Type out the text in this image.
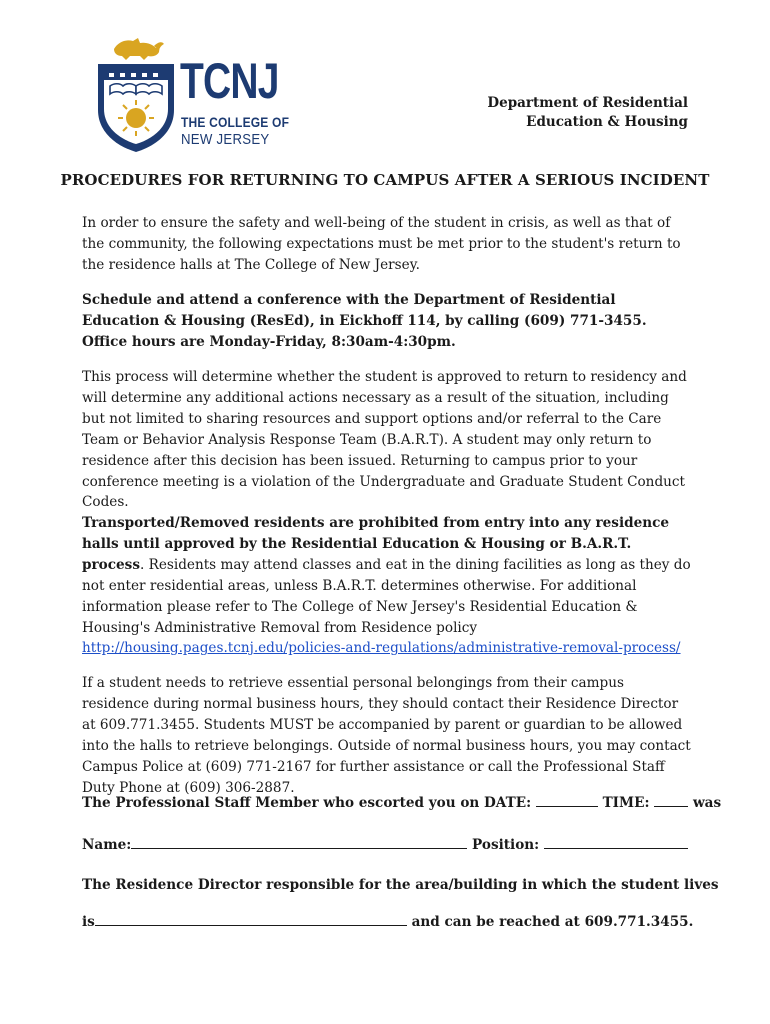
TCNJ
THE COLLEGE OF
NEW JERSEY
Department of Residential
Education & Housing
PROCEDURES FOR RETURNING TO CAMPUS AFTER A SERIOUS INCIDENT
In order to ensure the safety and well-being of the student in crisis, as well as that of the community, the following expectations must be met prior to the student's return to the residence halls at The College of New Jersey.
Schedule and attend a conference with the Department of Residential Education & Housing (ResEd), in Eickhoff 114, by calling (609) 771-3455.
Office hours are Monday-Friday, 8:30am-4:30pm.
This process will determine whether the student is approved to return to residency and will determine any additional actions necessary as a result of the situation, including but not limited to sharing resources and support options and/or referral to the Care Team or Behavior Analysis Response Team (B.A.R.T). A student may only return to residence after this decision has been issued. Returning to campus prior to your conference meeting is a violation of the Undergraduate and Graduate Student Conduct Codes.
Transported/Removed residents are prohibited from entry into any residence halls until approved by the Residential Education & Housing or B.A.R.T. process. Residents may attend classes and eat in the dining facilities as long as they do not enter residential areas, unless B.A.R.T. determines otherwise. For additional information please refer to The College of New Jersey's Residential Education & Housing's Administrative Removal from Residence policy http://housing.pages.tcnj.edu/policies-and-regulations/administrative-removal-process/
If a student needs to retrieve essential personal belongings from their campus residence during normal business hours, they should contact their Residence Director at 609.771.3455. Students MUST be accompanied by parent or guardian to be allowed into the halls to retrieve belongings. Outside of normal business hours, you may contact Campus Police at (609) 771-2167 for further assistance or call the Professional Staff Duty Phone at (609) 306-2887.
The Professional Staff Member who escorted you on DATE:	TIME:	was
Name:	Position:
The Residence Director responsible for the area/building in which the student lives
is	and can be reached at 609.771.3455.
